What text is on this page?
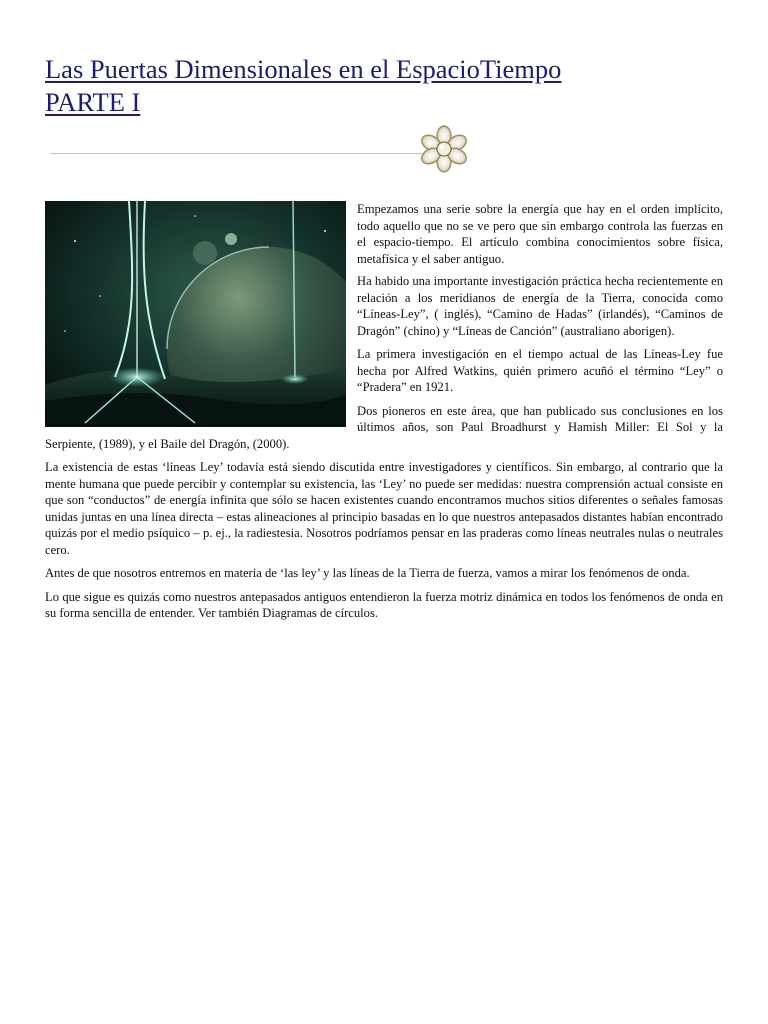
Las Puertas Dimensionales en el EspacioTiempo
PARTE I

Empezamos una serie sobre la energía que hay en el orden implícito, todo aquello que no se ve pero que sin embargo controla las fuerzas en el espacio-tiempo. El artículo combina conocimientos sobre física, metafísica y el saber antiguo.

Ha habido una importante investigación práctica hecha recientemente en relación a los meridianos de energía de la Tierra, conocida como “Líneas-Ley”, ( inglés), “Camino de Hadas” (irlandés), “Caminos de Dragón” (chino) y “Líneas de Canción” (australiano aborigen).

La primera investigación en el tiempo actual de las Líneas-Ley fue hecha por Alfred Watkins, quién primero acuñó el término “Ley” o “Pradera” en 1921.

Dos pioneros en este área, que han publicado sus conclusiones en los últimos años, son Paul Broadhurst y Hamish Miller: El Sol y la Serpiente, (1989), y el Baile del Dragón, (2000).

La existencia de estas ‘líneas Ley’ todavía está siendo discutida entre investigadores y científicos. Sin embargo, al contrario que la mente humana que puede percibir y contemplar su existencia, las ‘Ley’ no puede ser medidas: nuestra comprensión actual consiste en que son “conductos” de energía infinita que sólo se hacen existentes cuando encontramos muchos sitios diferentes o señales famosas unidas juntas en una línea directa – estas alineaciones al principio basadas en lo que nuestros antepasados distantes habían encontrado quizás por el medio psíquico – p. ej., la radiestesia. Nosotros podríamos pensar en las praderas como líneas neutrales nulas o neutrales cero.

Antes de que nosotros entremos en materia de ‘las ley’ y las líneas de la Tierra de fuerza, vamos a mirar los fenómenos de onda.

Lo que sigue es quizás como nuestros antepasados antiguos entendieron la fuerza motriz dinámica en todos los fenómenos de onda en su forma sencilla de entender. Ver también Diagramas de círculos.
